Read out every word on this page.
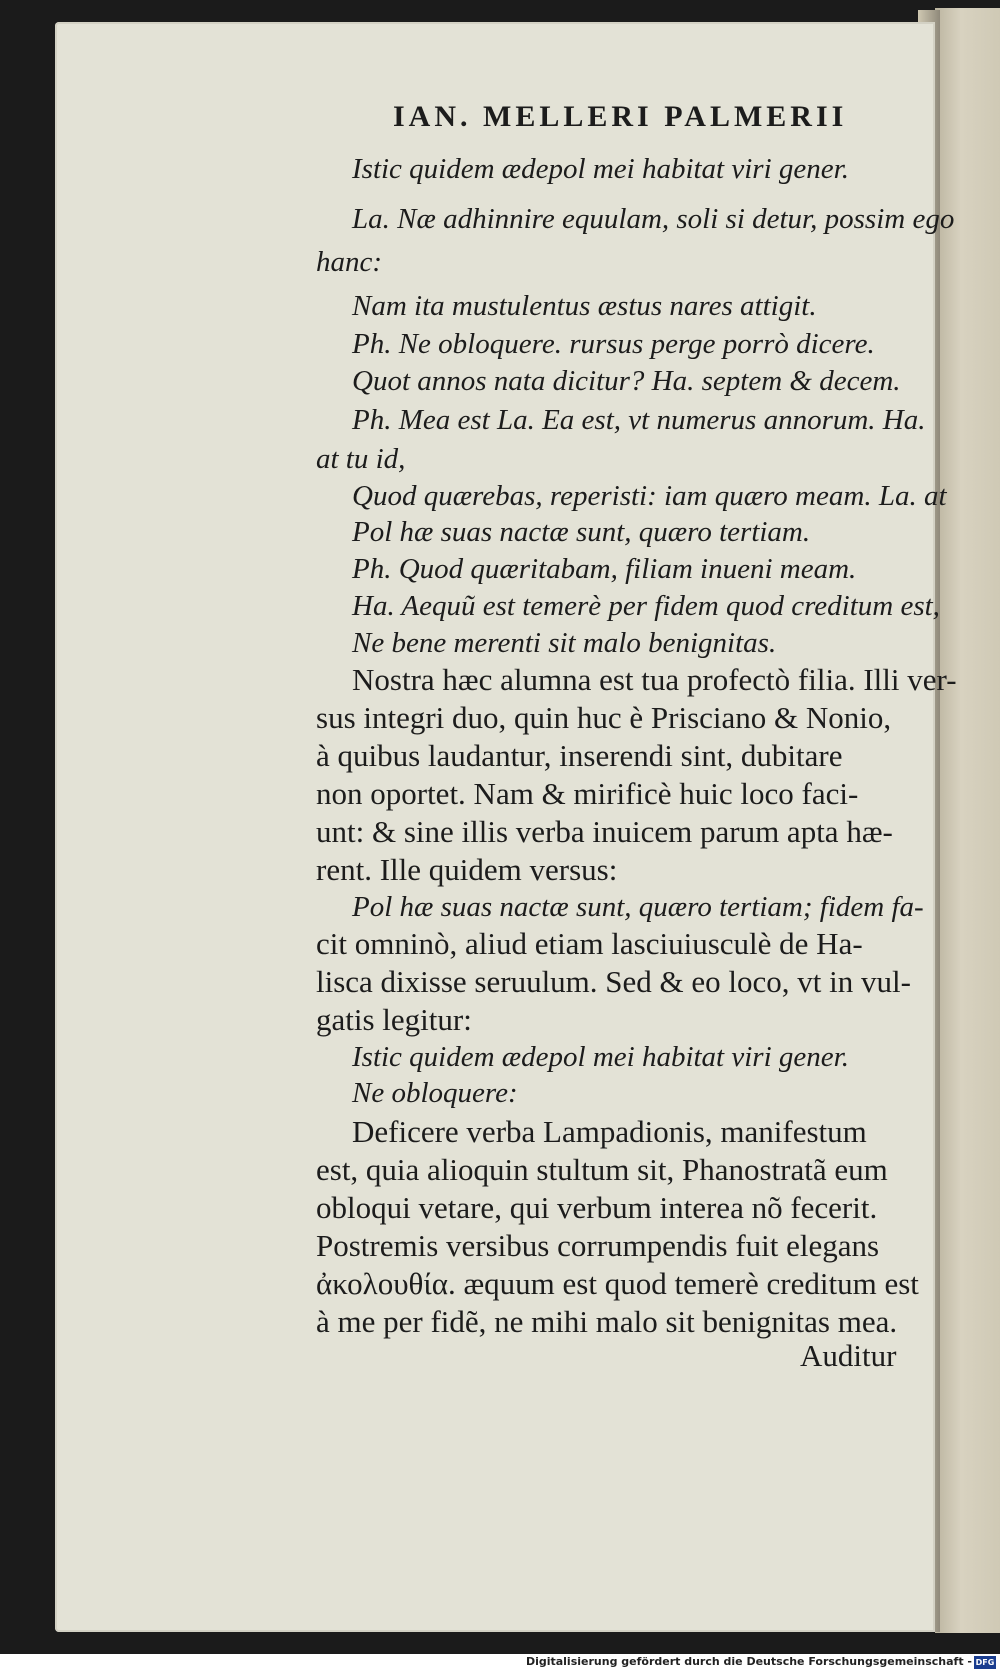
IAN. MELLERI PALMERII
Istic quidem ædepol mei habitat viri gener.
La. Næ adhinnire equulam, soli si detur, possim ego
hanc:
Nam ita mustulentus æstus nares attigit.
Ph. Ne obloquere. rursus perge porrò dicere.
Quot annos nata dicitur? Ha. septem & decem.
Ph. Mea est La. Ea est, vt numerus annorum. Ha.
at tu id,
Quod quærebas, reperisti: iam quæro meam. La. at
Pol hæ suas nactæ sunt, quæro tertiam.
Ph. Quod quæritabam, filiam inueni meam.
Ha. Aequũ est temerè per fidem quod creditum est,
Ne bene merenti sit malo benignitas.
Nostra hæc alumna est tua profectò filia. Illi ver-
sus integri duo, quin huc è Prisciano & Nonio,
à quibus laudantur, inserendi sint, dubitare
non oportet. Nam & mirificè huic loco faci-
unt: & sine illis verba inuicem parum apta hæ-
rent. Ille quidem versus:
Pol hæ suas nactæ sunt, quæro tertiam; fidem fa-
cit omninò, aliud etiam lasciuiusculè de Ha-
lisca dixisse seruulum. Sed & eo loco, vt in vul-
gatis legitur:
Istic quidem ædepol mei habitat viri gener.
Ne obloquere:
Deficere verba Lampadionis, manifestum
est, quia alioquin stultum sit, Phanostratã eum
obloqui vetare, qui verbum interea nõ fecerit.
Postremis versibus corrumpendis fuit elegans
ἀκολουθία. æquum est quod temerè creditum est
à me per fidẽ, ne mihi malo sit benignitas mea.
Auditur
Digitalisierung gefördert durch die Deutsche Forschungsgemeinschaft - DFG
